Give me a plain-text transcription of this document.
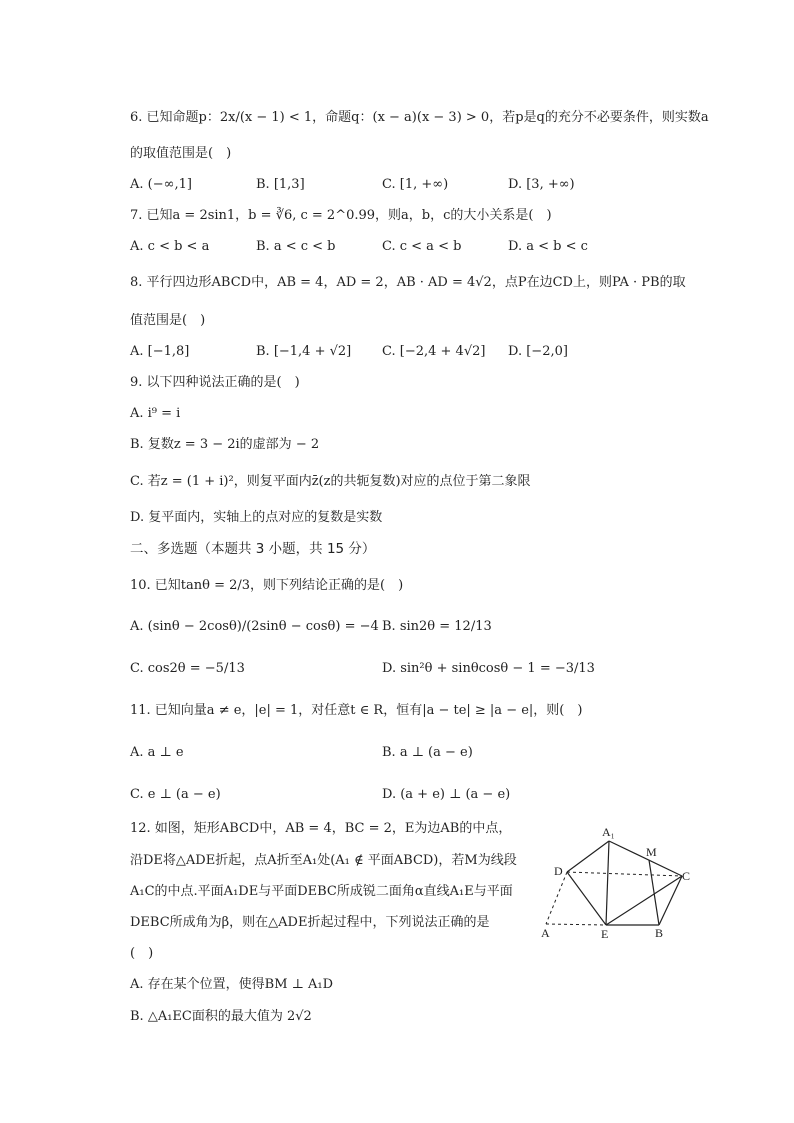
6. 已知命题p：2x/(x − 1) < 1，命题q：(x − a)(x − 3) > 0，若p是q的充分不必要条件，则实数a
的取值范围是(　)
A. (−∞,1]	B. [1,3]	C. [1, +∞)	D. [3, +∞)
7. 已知a = 2sin1，b = ∛6, c = 2^0.99，则a，b，c的大小关系是(　)
A. c < b < a	B. a < c < b	C. c < a < b	D. a < b < c
8. 平行四边形ABCD中，AB = 4，AD = 2，AB · AD = 4√2，点P在边CD上，则PA · PB的取
值范围是(　)
A. [−1,8]	B. [−1,4 + √2] C. [−2,4 + 4√2] D. [−2,0]
9. 以下四种说法正确的是(　)
A. i⁹ = i
B. 复数z = 3 − 2i的虚部为 − 2
C. 若z = (1 + i)²，则复平面内z̄(z的共轭复数)对应的点位于第二象限
D. 复平面内，实轴上的点对应的复数是实数
二、多选题（本题共 3 小题，共 15 分）
10. 已知tanθ = 2/3，则下列结论正确的是(　)
A. (sinθ − 2cosθ)/(2sinθ − cosθ) = −4 B. sin2θ = 12/13
C. cos2θ = −5/13	D. sin²θ + sinθcosθ − 1 = −3/13
11. 已知向量a ≠ e，|e| = 1，对任意t ∈ R，恒有|a − te| ≥ |a − e|，则(　)
A. a ⊥ e	B. a ⊥ (a − e)
C. e ⊥ (a − e)	D. (a + e) ⊥ (a − e)
12. 如图，矩形ABCD中，AB = 4，BC = 2，E为边AB的中点，
沿DE将△ADE折起，点A折至A₁处(A₁ ∉ 平面ABCD)，若M为线段
A₁C的中点.平面A₁DE与平面DEBC所成锐二面角α直线A₁E与平面
DEBC所成角为β，则在△ADE折起过程中，下列说法正确的是
(　)
A. 存在某个位置，使得BM ⊥ A₁D
B. △A₁EC面积的最大值为 2√2
A₁
M
D	C
A	E	B
